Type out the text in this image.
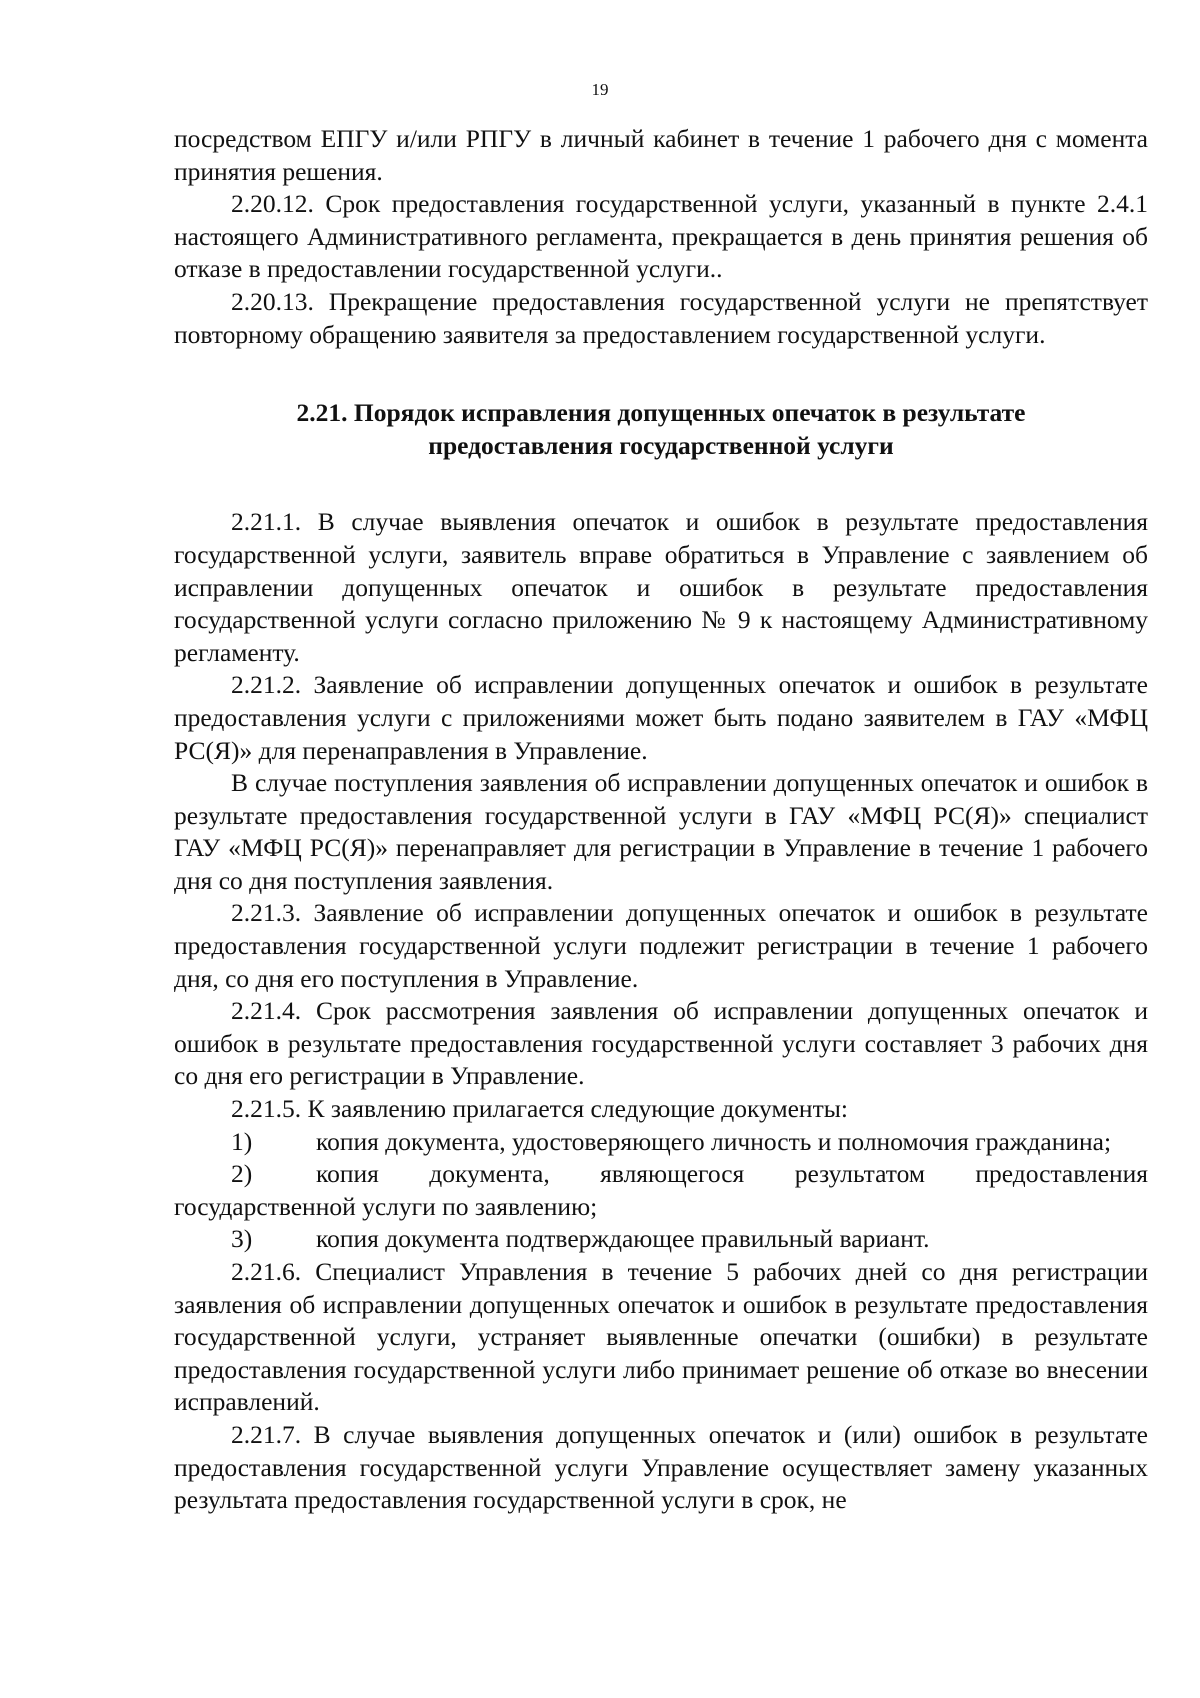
19

посредством ЕПГУ и/или РПГУ в личный кабинет в течение 1 рабочего дня с момента принятия решения.

2.20.12. Срок предоставления государственной услуги, указанный в пункте 2.4.1 настоящего Административного регламента, прекращается в день принятия решения об отказе в предоставлении государственной услуги..

2.20.13. Прекращение предоставления государственной услуги не препятствует повторному обращению заявителя за предоставлением государственной услуги.

2.21. Порядок исправления допущенных опечаток в результате
предоставления государственной услуги

2.21.1. В случае выявления опечаток и ошибок в результате предоставления государственной услуги, заявитель вправе обратиться в Управление с заявлением об исправлении допущенных опечаток и ошибок в результате предоставления государственной услуги согласно приложению № 9 к настоящему Административному регламенту.

2.21.2. Заявление об исправлении допущенных опечаток и ошибок в результате предоставления услуги с приложениями может быть подано заявителем в ГАУ «МФЦ РС(Я)» для перенаправления в Управление.

В случае поступления заявления об исправлении допущенных опечаток и ошибок в результате предоставления государственной услуги в ГАУ «МФЦ РС(Я)» специалист ГАУ «МФЦ РС(Я)» перенаправляет для регистрации в Управление в течение 1 рабочего дня со дня поступления заявления.

2.21.3. Заявление об исправлении допущенных опечаток и ошибок в результате предоставления государственной услуги подлежит регистрации в течение 1 рабочего дня, со дня его поступления в Управление.

2.21.4. Срок рассмотрения заявления об исправлении допущенных опечаток и ошибок в результате предоставления государственной услуги составляет 3 рабочих дня со дня его регистрации в Управление.

2.21.5. К заявлению прилагается следующие документы:

1)	копия документа, удостоверяющего личность и полномочия гражданина;

2)	копия документа, являющегося результатом предоставления государственной услуги по заявлению;

3)	копия документа подтверждающее правильный вариант.

2.21.6. Специалист Управления в течение 5 рабочих дней со дня регистрации заявления об исправлении допущенных опечаток и ошибок в результате предоставления государственной услуги, устраняет выявленные опечатки (ошибки) в результате предоставления государственной услуги либо принимает решение об отказе во внесении исправлений.

2.21.7. В случае выявления допущенных опечаток и (или) ошибок в результате предоставления государственной услуги Управление осуществляет замену указанных результата предоставления государственной услуги в срок, не
